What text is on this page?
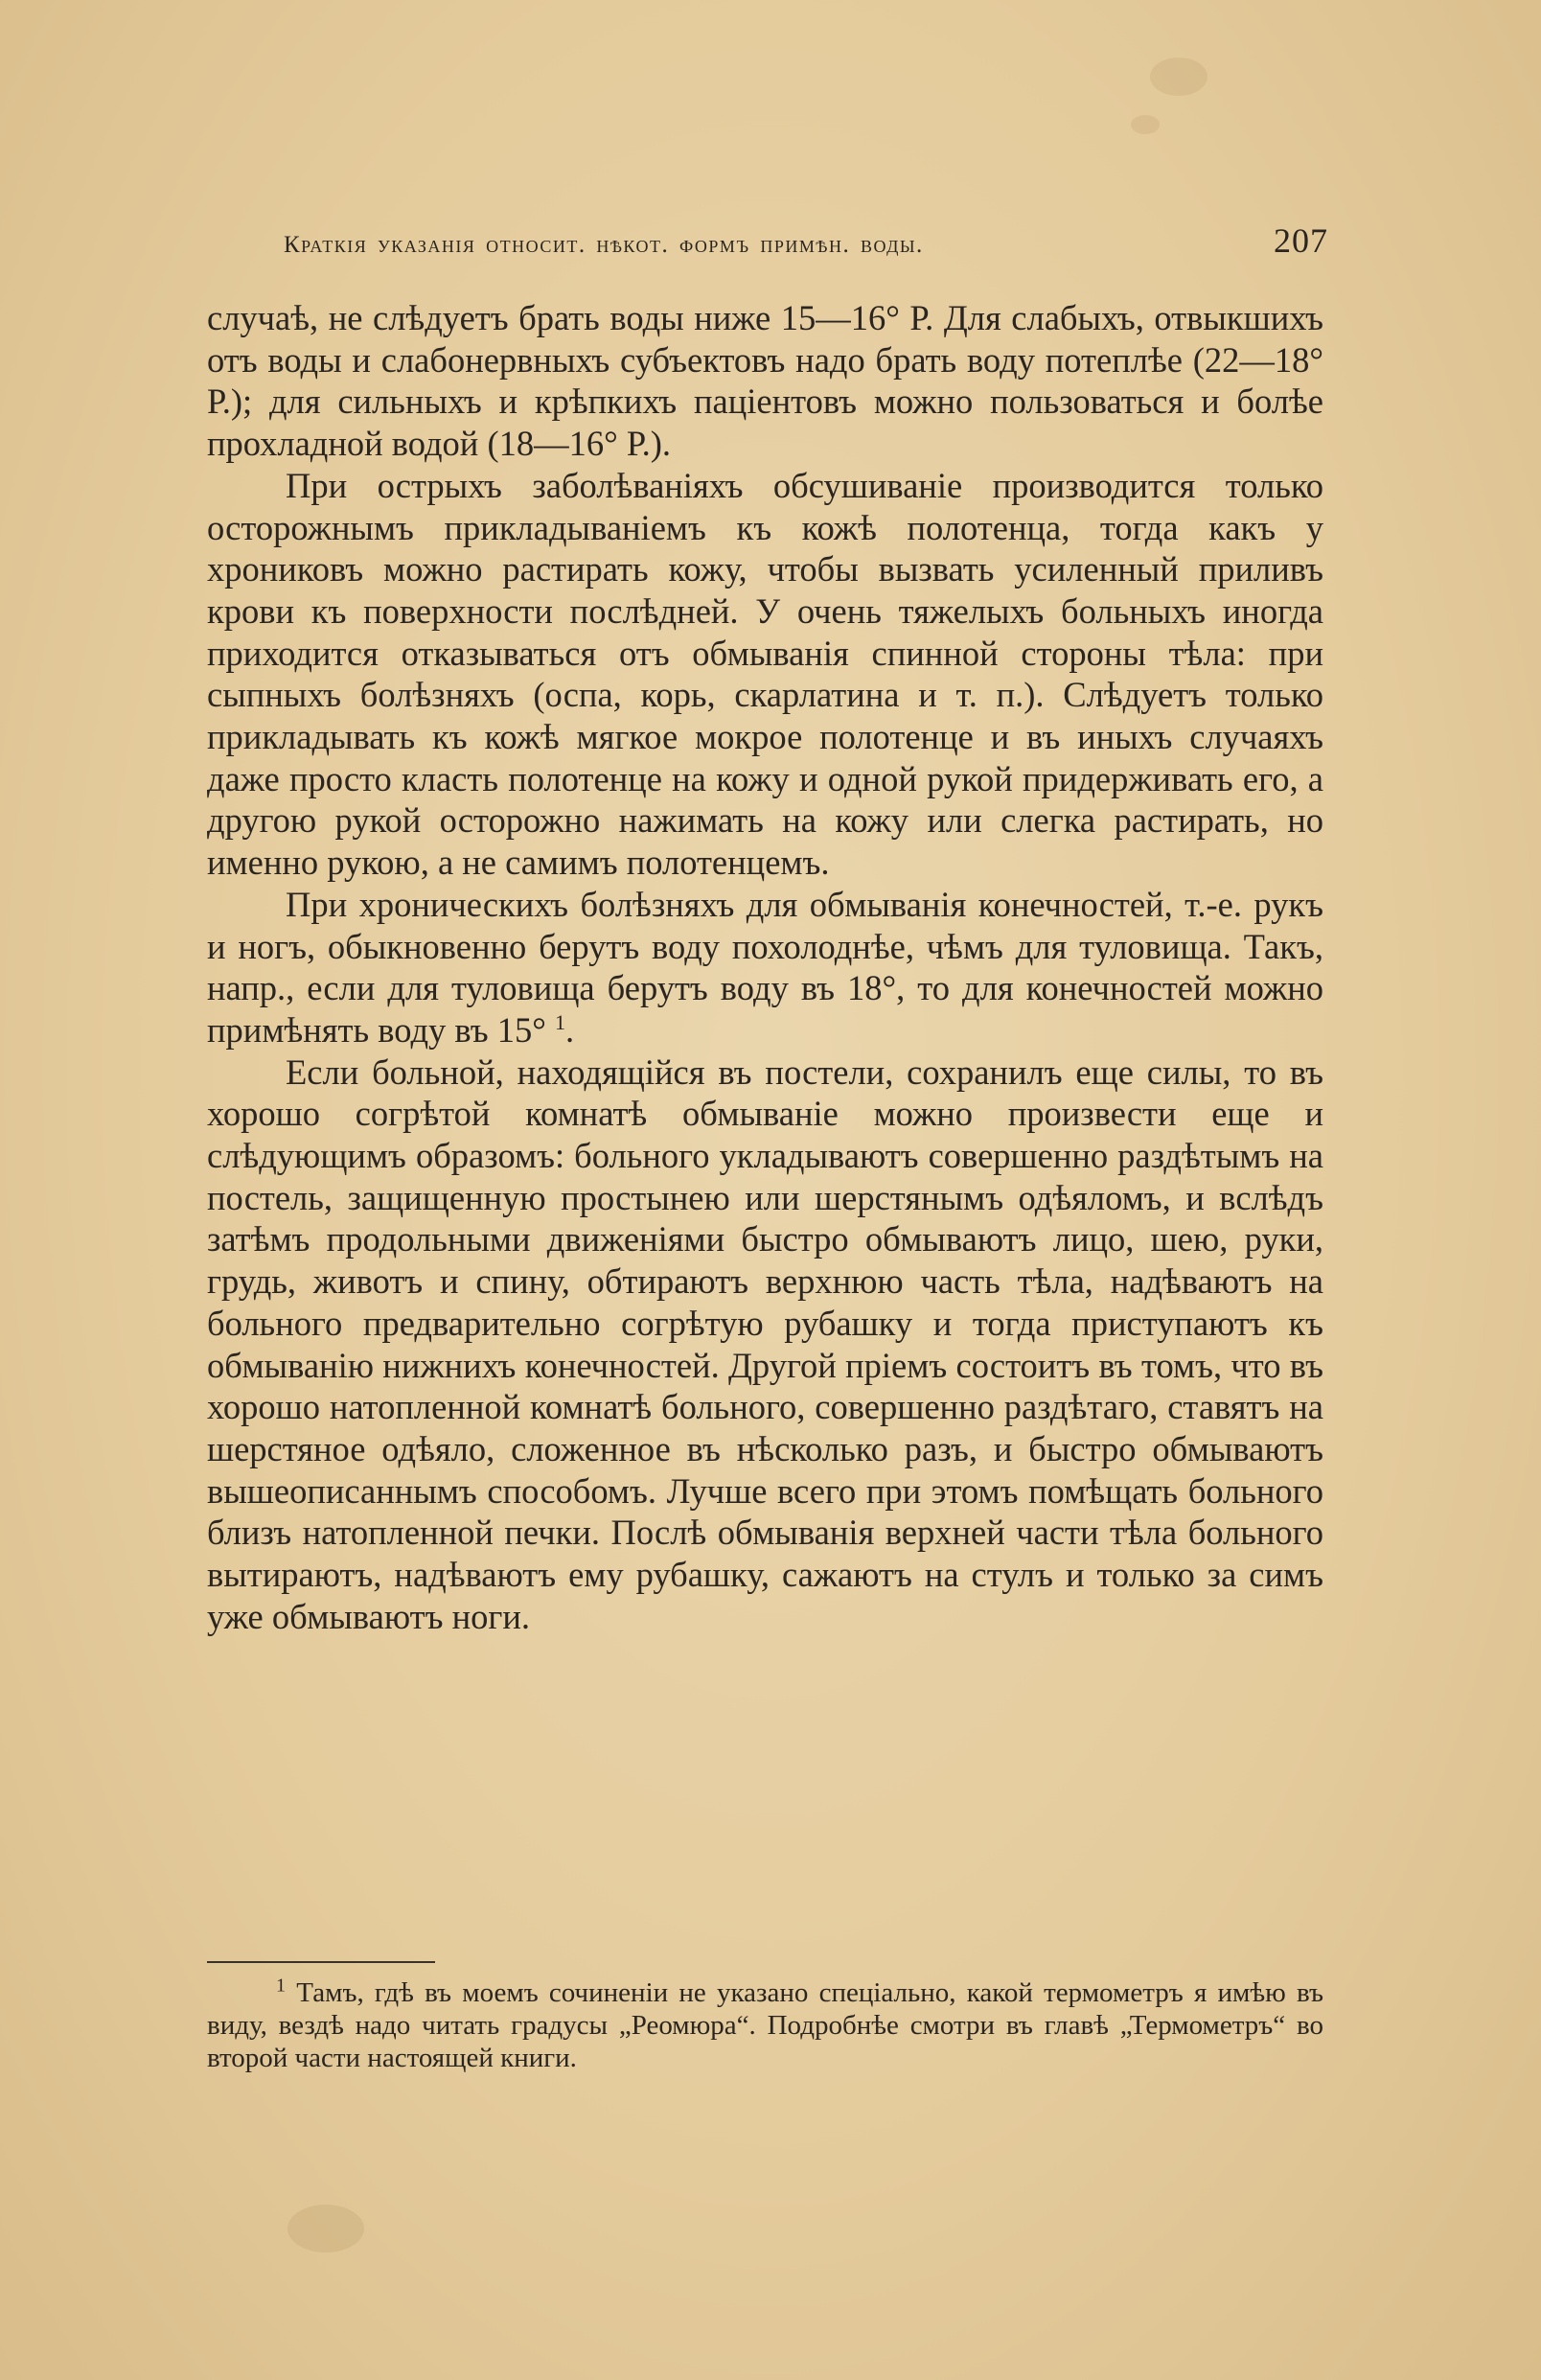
Краткія указанія относит. нѣкот. формъ примѣн. воды.	207

случаѣ, не слѣдуетъ брать воды ниже 15—16° Р. Для слабыхъ, отвыкшихъ отъ воды и слабонервныхъ субъектовъ надо брать воду потеплѣе (22—18° Р.); для сильныхъ и крѣпкихъ паціентовъ можно пользоваться и болѣе прохладной водой (18—16° Р.).

При острыхъ заболѣваніяхъ обсушиваніе производится только осторожнымъ прикладываніемъ къ кожѣ полотенца, тогда какъ у хрониковъ можно растирать кожу, чтобы вызвать усиленный приливъ крови къ поверхности послѣдней. У очень тяжелыхъ больныхъ иногда приходится отказываться отъ обмыванія спинной стороны тѣла: при сыпныхъ болѣзняхъ (оспа, корь, скарлатина и т. п.). Слѣдуетъ только прикладывать къ кожѣ мягкое мокрое полотенце и въ иныхъ случаяхъ даже просто класть полотенце на кожу и одной рукой придерживать его, а другою рукой осторожно нажимать на кожу или слегка растирать, но именно рукою, а не самимъ полотенцемъ.

При хроническихъ болѣзняхъ для обмыванія конечностей, т.-е. рукъ и ногъ, обыкновенно берутъ воду похолоднѣе, чѣмъ для туловища. Такъ, напр., если для туловища берутъ воду въ 18°, то для конечностей можно примѣнять воду въ 15° $^1$.

Если больной, находящійся въ постели, сохранилъ еще силы, то въ хорошо согрѣтой комнатѣ обмываніе можно произвести еще и слѣдующимъ образомъ: больного укладываютъ совершенно раздѣтымъ на постель, защищенную простынею или шерстянымъ одѣяломъ, и вслѣдъ затѣмъ продольными движеніями быстро обмываютъ лицо, шею, руки, грудь, животъ и спину, обтираютъ верхнюю часть тѣла, надѣваютъ на больного предварительно согрѣтую рубашку и тогда приступаютъ къ обмыванію нижнихъ конечностей. Другой пріемъ состоитъ въ томъ, что въ хорошо натопленной комнатѣ больного, совершенно раздѣтаго, ставятъ на шерстяное одѣяло, сложенное въ нѣсколько разъ, и быстро обмываютъ вышеописаннымъ способомъ. Лучше всего при этомъ помѣщать больного близъ натопленной печки. Послѣ обмыванія верхней части тѣла больного вытираютъ, надѣваютъ ему рубашку, сажаютъ на стулъ и только за симъ уже обмываютъ ноги.

$^1$ Тамъ, гдѣ въ моемъ сочиненіи не указано спеціально, какой термометръ я имѣю въ виду, вездѣ надо читать градусы „Реомюра“. Подробнѣе смотри въ главѣ „Термометръ“ во второй части настоящей книги.
